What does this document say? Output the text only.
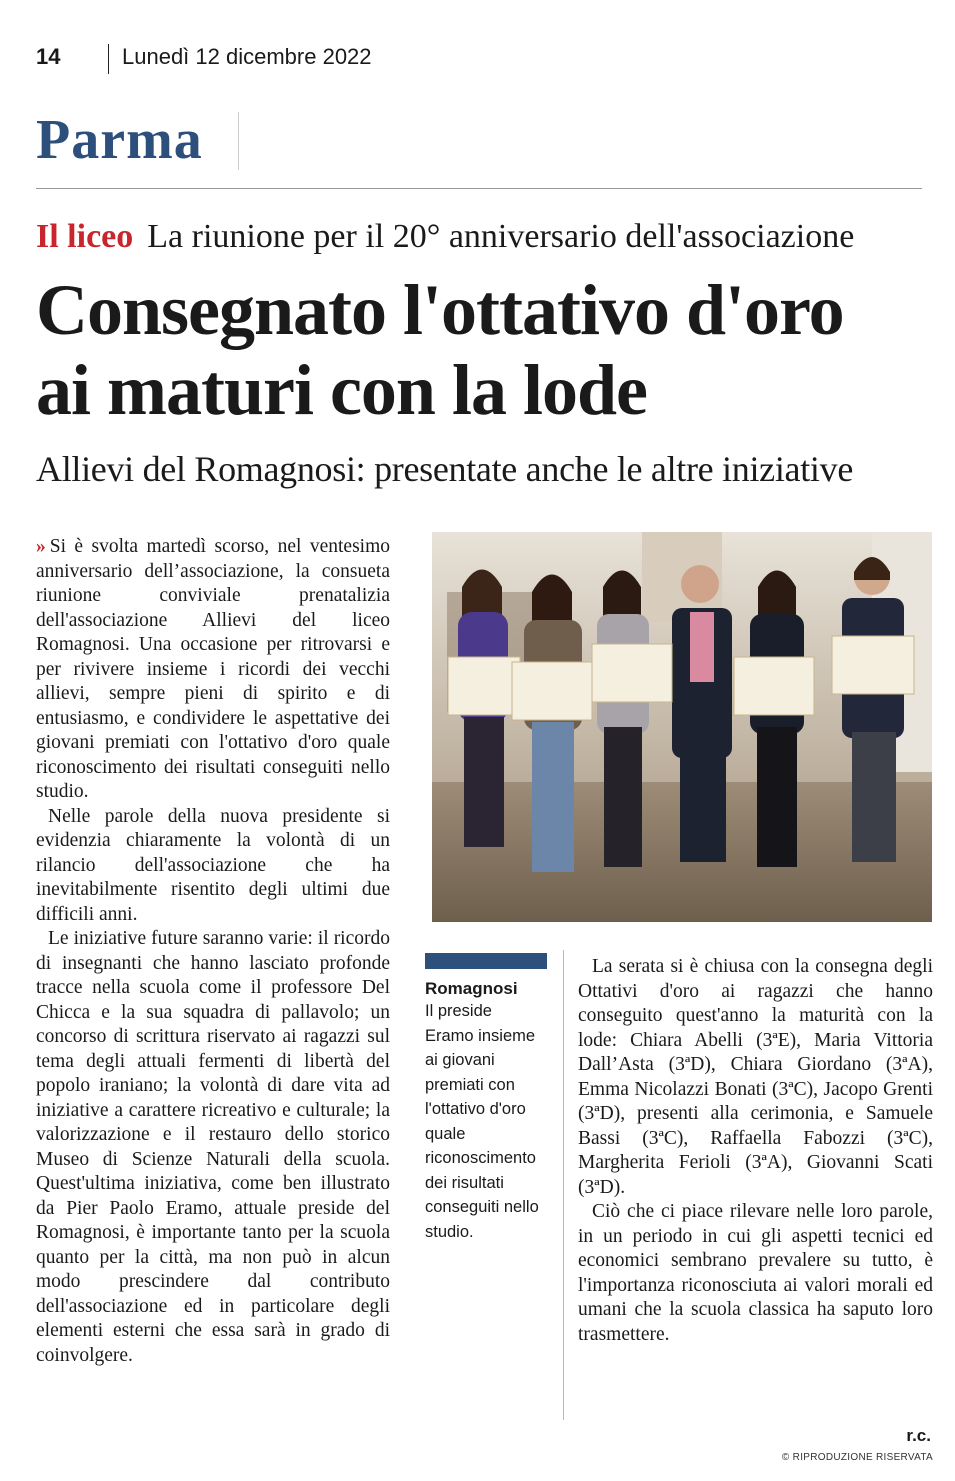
14	Lunedì 12 dicembre 2022
Parma
Il liceo La riunione per il 20° anniversario dell'associazione
Consegnato l'ottativo d'oro
ai maturi con la lode
Allievi del Romagnosi: presentate anche le altre iniziative

» Si è svolta martedì scorso, nel ventesimo anniversario dell’associazione, la consueta riunione conviviale prenatalizia dell'associazione Allievi del liceo Romagnosi. Una occasione per ritrovarsi e per rivivere insieme i ricordi dei vecchi allievi, sempre pieni di spirito e di entusiasmo, e condividere le aspettative dei giovani premiati con l'ottativo d'oro quale riconoscimento dei risultati conseguiti nello studio.

Nelle parole della nuova presidente si evidenzia chiaramente la volontà di un rilancio dell'associazione che ha inevitabilmente risentito degli ultimi due difficili anni.

Le iniziative future saranno varie: il ricordo di insegnanti che hanno lasciato profonde tracce nella scuola come il professore Del Chicca e la sua squadra di pallavolo; un concorso di scrittura riservato ai ragazzi sul tema degli attuali fermenti di libertà del popolo iraniano; la volontà di dare vita ad iniziative a carattere ricreativo e culturale; la valorizzazione e il restauro dello storico Museo di Scienze Naturali della scuola. Quest'ultima iniziativa, come ben illustrato da Pier Paolo Eramo, attuale preside del Romagnosi, è importante tanto per la scuola quanto per la città, ma non può in alcun modo prescindere dal contributo dell'associazione ed in particolare degli elementi esterni che essa sarà in grado di coinvolgere.

Romagnosi
Il preside Eramo insieme ai giovani premiati con l'ottativo d'oro quale riconoscimento dei risultati conseguiti nello studio.

La serata si è chiusa con la consegna degli Ottativi d'oro ai ragazzi che hanno conseguito quest'anno la maturità con la lode: Chiara Abelli (3ªE), Maria Vittoria Dall’Asta (3ªD), Chiara Giordano (3ªA), Emma Nicolazzi Bonati (3ªC), Jacopo Grenti (3ªD), presenti alla cerimonia, e Samuele Bassi (3ªC), Raffaella Fabozzi (3ªC), Margherita Ferioli (3ªA), Giovanni Scati (3ªD).

Ciò che ci piace rilevare nelle loro parole, in un periodo in cui gli aspetti tecnici ed economici sembrano prevalere su tutto, è l'importanza riconosciuta ai valori morali ed umani che la scuola classica ha saputo loro trasmettere.

r.c.
© RIPRODUZIONE RISERVATA
